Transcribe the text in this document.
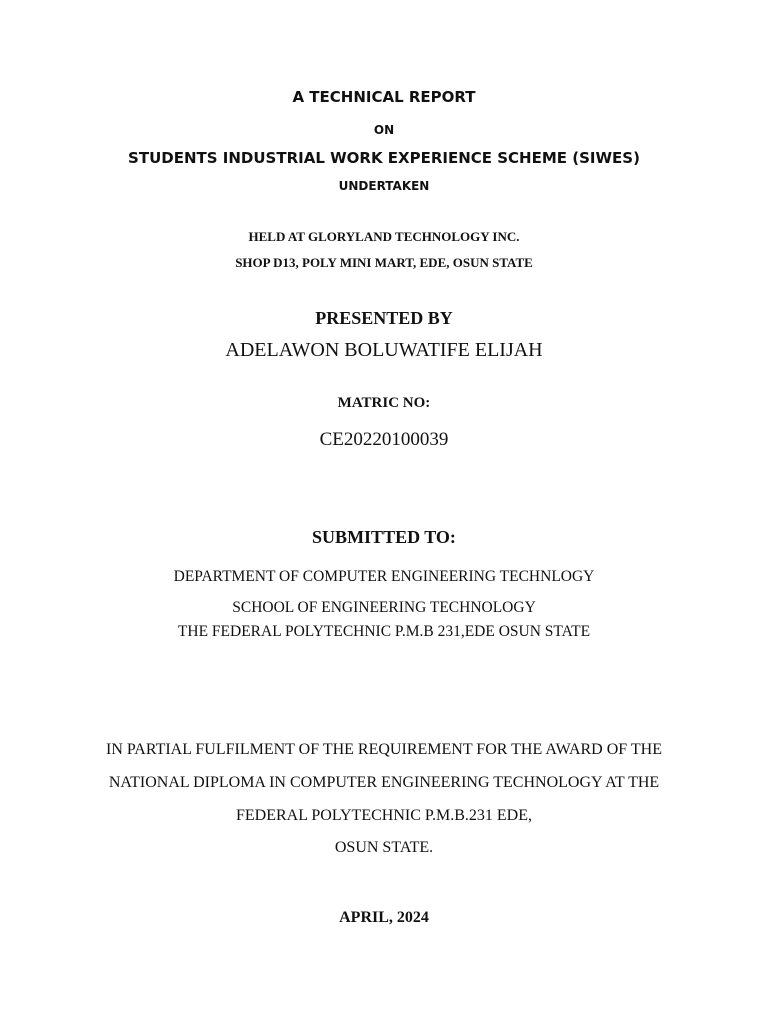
A TECHNICAL REPORT
ON
STUDENTS INDUSTRIAL WORK EXPERIENCE SCHEME (SIWES)
UNDERTAKEN
HELD AT GLORYLAND TECHNOLOGY INC.
SHOP D13, POLY MINI MART, EDE, OSUN STATE
PRESENTED BY
ADELAWON BOLUWATIFE ELIJAH
MATRIC NO:
CE20220100039
SUBMITTED TO:
DEPARTMENT OF COMPUTER ENGINEERING TECHNLOGY
SCHOOL OF ENGINEERING TECHNOLOGY
THE FEDERAL POLYTECHNIC P.M.B 231,EDE OSUN STATE
IN PARTIAL FULFILMENT OF THE REQUIREMENT FOR THE AWARD OF THE
NATIONAL DIPLOMA IN COMPUTER ENGINEERING TECHNOLOGY AT THE
FEDERAL POLYTECHNIC P.M.B.231 EDE,
OSUN STATE.
APRIL, 2024
